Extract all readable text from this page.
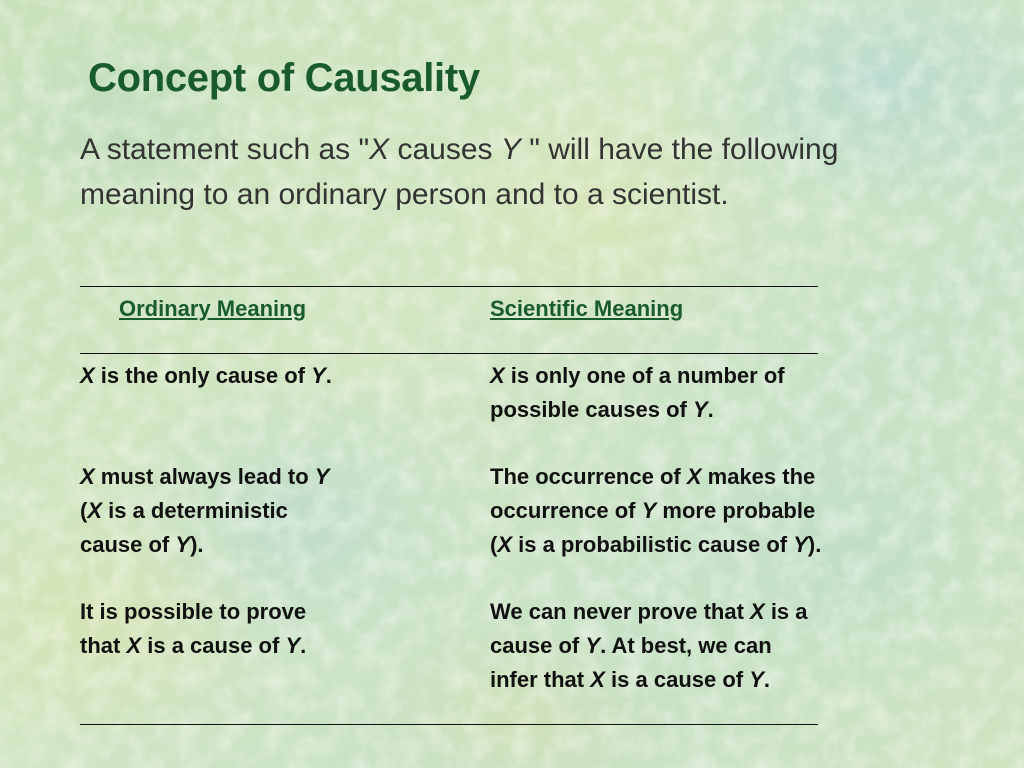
Concept of Causality

A statement such as "X causes Y " will have the following meaning to an ordinary person and to a scientist.

Ordinary Meaning	Scientific Meaning
X is the only cause of Y.	X is only one of a number of
possible causes of Y.
X must always lead to Y
(X is a deterministic
cause of Y).
The occurrence of X makes the
occurrence of Y more probable
(X is a probabilistic cause of Y).
It is possible to prove
that X is a cause of Y.
We can never prove that X is a
cause of Y. At best, we can
infer that X is a cause of Y.
